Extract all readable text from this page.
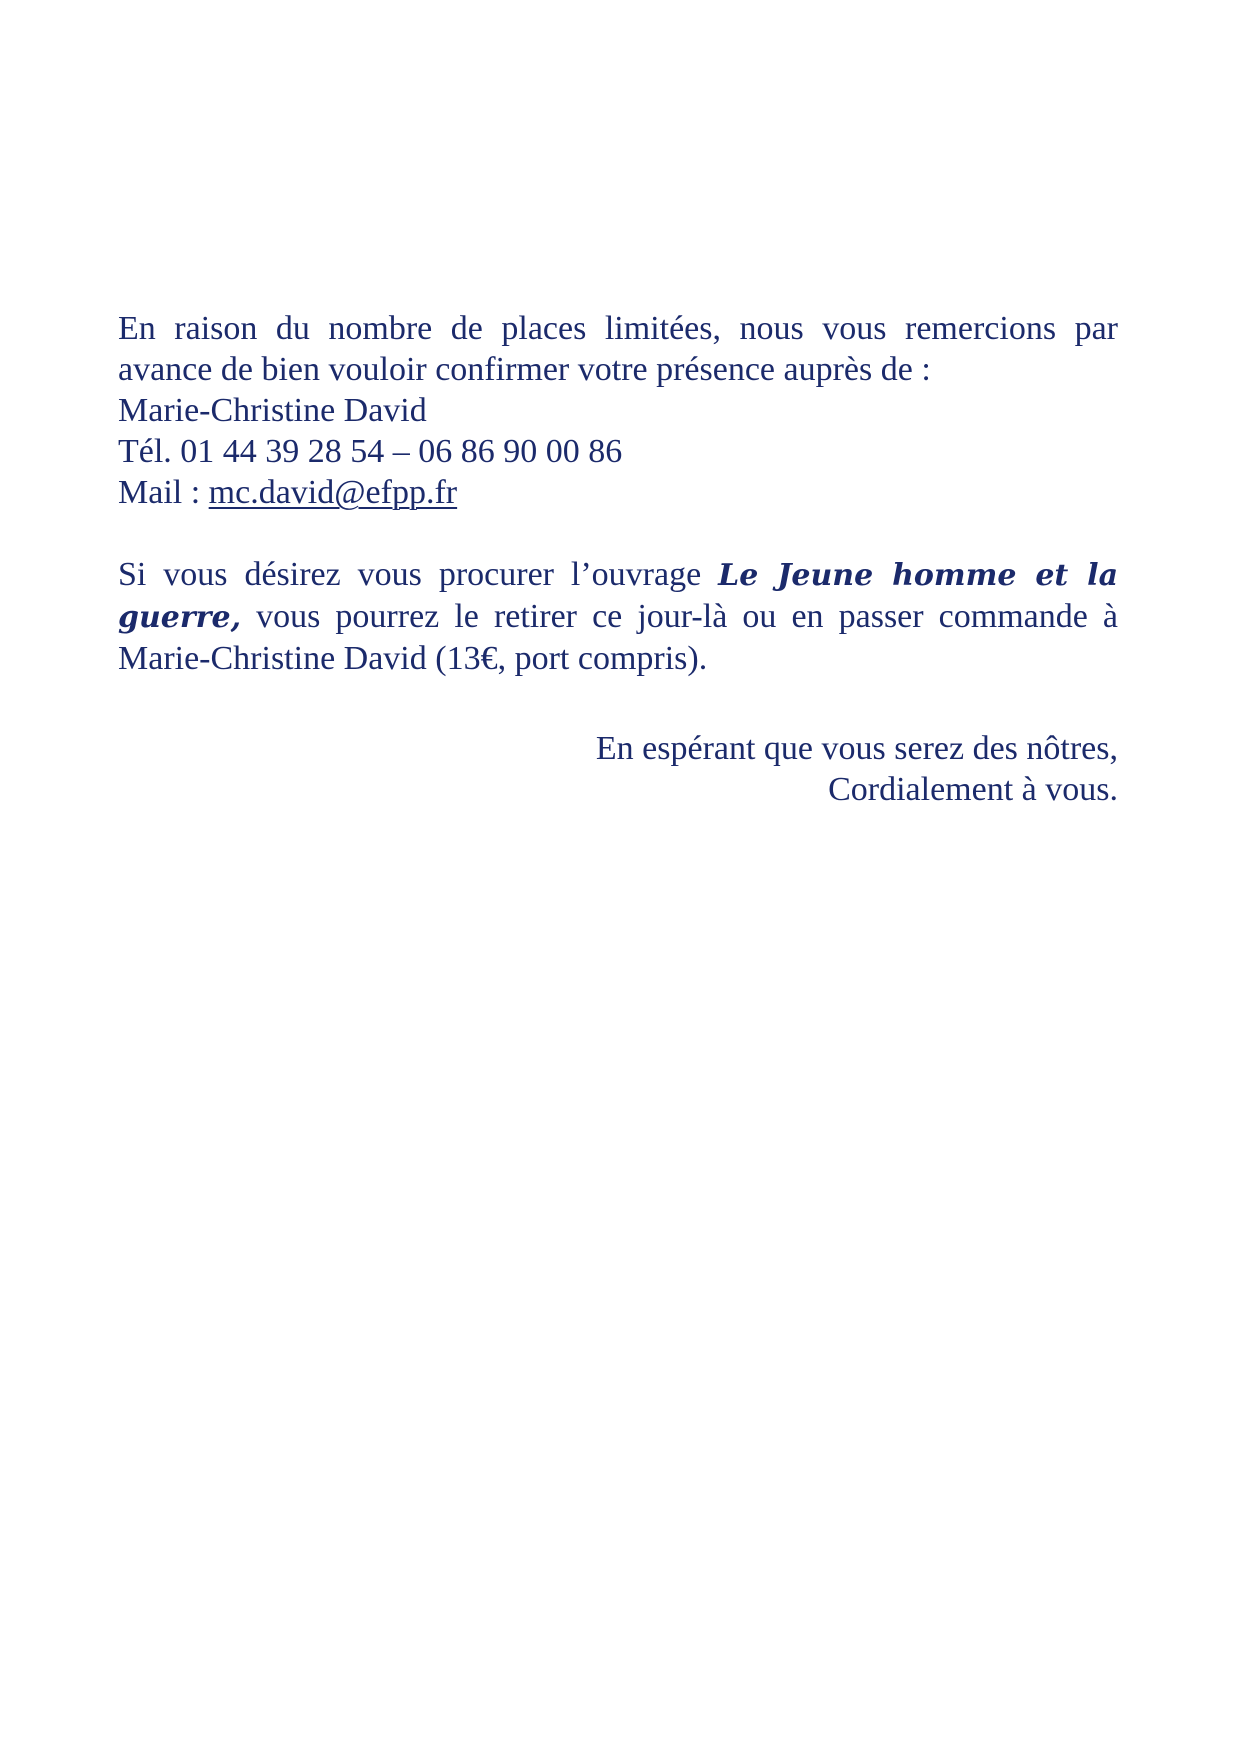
En raison du nombre de places limitées, nous vous remercions par
avance de bien vouloir confirmer votre présence auprès de :
Marie-Christine David
Tél. 01 44 39 28 54 – 06 86 90 00 86
Mail : mc.david@efpp.fr
Si vous désirez vous procurer l’ouvrage Le Jeune homme et la
guerre, vous pourrez le retirer ce jour-là ou en passer commande à
Marie-Christine David (13€, port compris).
En espérant que vous serez des nôtres,
Cordialement à vous.
